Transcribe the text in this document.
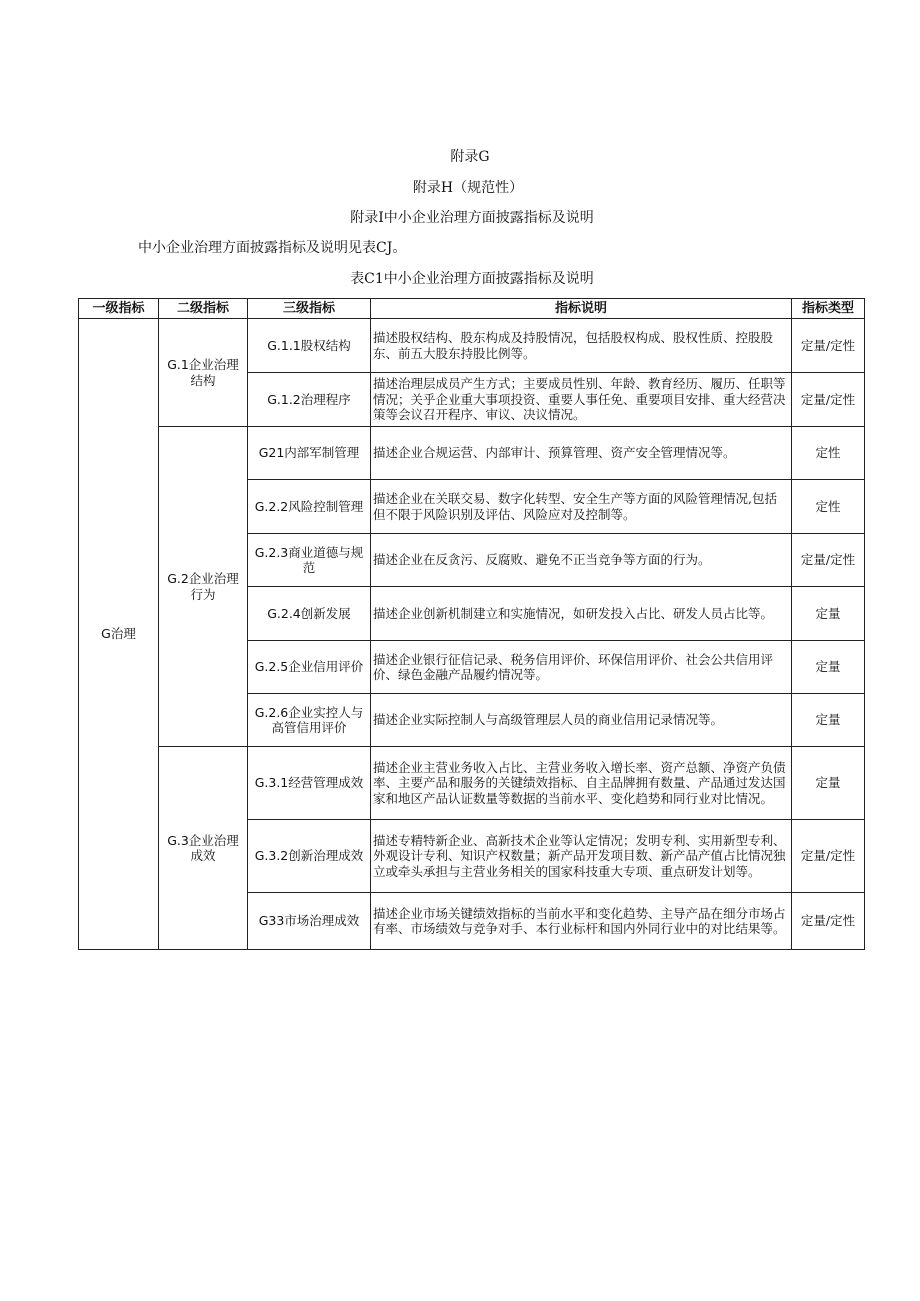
附录G
附录H（规范性）
附录I中小企业治理方面披露指标及说明
中小企业治理方面披露指标及说明见表CJ。
表C1中小企业治理方面披露指标及说明
一级指标	二级指标	三级指标	指标说明	指标类型
G治理	G.1企业治理结构	G.1.1股权结构	描述股权结构、股东构成及持股情况，包括股权构成、股权性质、控股股东、前五大股东持股比例等。	定量/定性
		G.1.2治理程序	描述治理层成员产生方式；主要成员性别、年龄、教育经历、履历、任职等情况；关乎企业重大事项投资、重要人事任免、重要项目安排、重大经营决策等会议召开程序、审议、决议情况。	定量/定性
	G.2企业治理行为	G21内部军制管理	描述企业合规运营、内部审计、预算管理、资产安全管理情况等。	定性
		G.2.2风险控制管理	描述企业在关联交易、数字化转型、安全生产等方面的风险管理情况,包括但不限于风险识别及评估、风险应对及控制等。	定性
		G.2.3商业道德与规范	描述企业在反贪污、反腐败、避免不正当竞争等方面的行为。	定量/定性
		G.2.4创新发展	描述企业创新机制建立和实施情况，如研发投入占比、研发人员占比等。	定量
		G.2.5企业信用评价	描述企业银行征信记录、税务信用评价、环保信用评价、社会公共信用评价、绿色金融产品履约情况等。	定量
		G.2.6企业实控人与高管信用评价	描述企业实际控制人与高级管理层人员的商业信用记录情况等。	定量
	G.3企业治理成效	G.3.1经营管理成效	描述企业主营业务收入占比、主营业务收入增长率、资产总额、净资产负债率、主要产品和服务的关键绩效指标、自主品牌拥有数量、产品通过发达国家和地区产品认证数量等数据的当前水平、变化趋势和同行业对比情况。	定量
		G.3.2创新治理成效	描述专精特新企业、高新技术企业等认定情况；发明专利、实用新型专利、外观设计专利、知识产权数量；新产品开发项目数、新产品产值占比情况独立或牵头承担与主营业务相关的国家科技重大专项、重点研发计划等。	定量/定性
		G33市场治理成效	描述企业市场关键绩效指标的当前水平和变化趋势、主导产品在细分市场占有率、市场绩效与竞争对手、本行业标杆和国内外同行业中的对比结果等。	定量/定性
